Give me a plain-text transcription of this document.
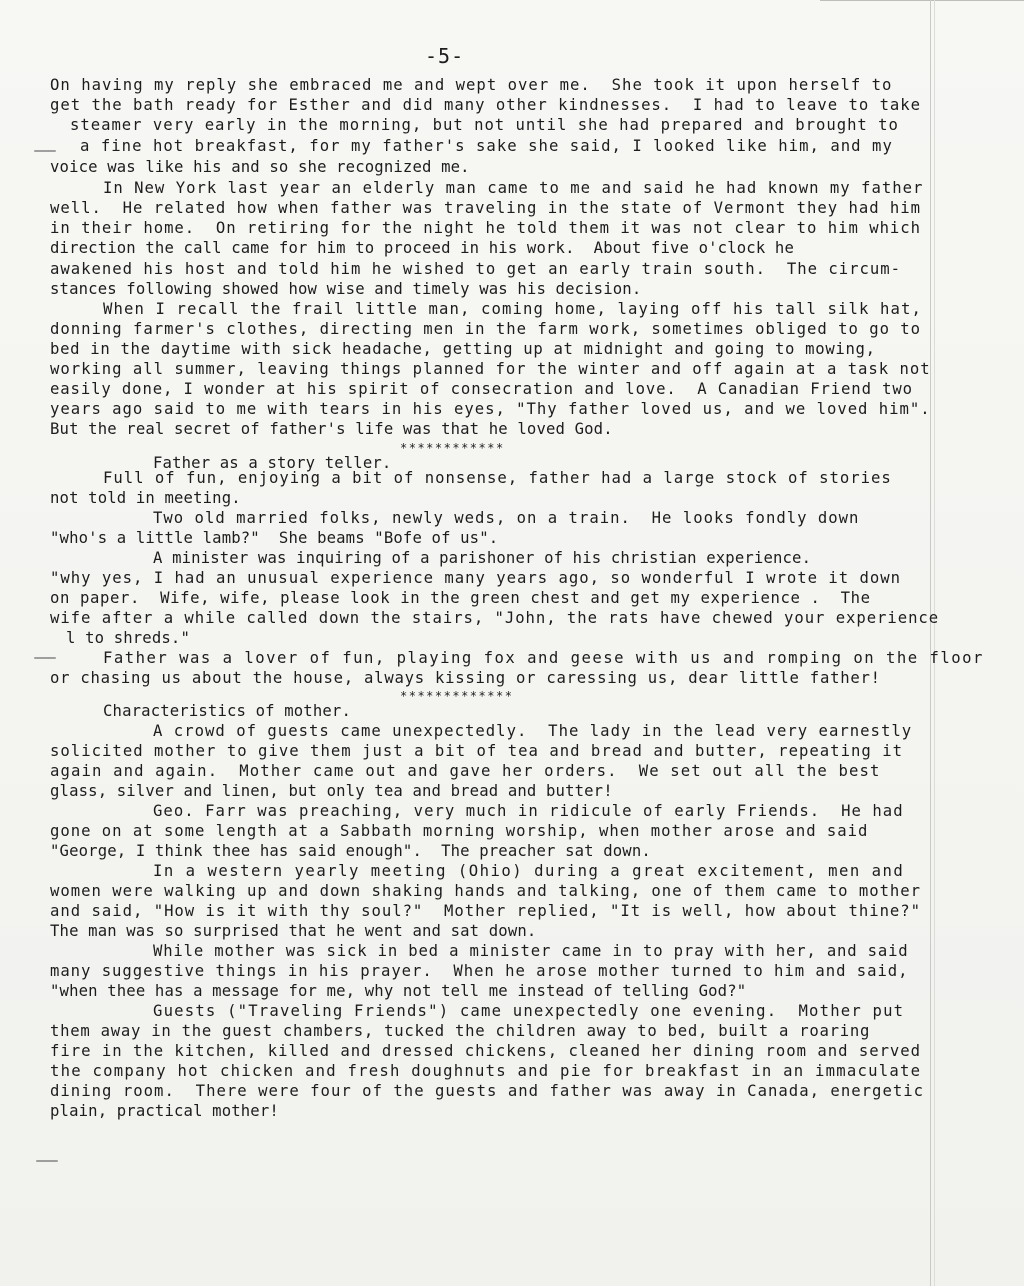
-5-
On having my reply she embraced me and wept over me.  She took it upon herself to
get the bath ready for Esther and did many other kindnesses.  I had to leave to take
steamer very early in the morning, but not until she had prepared and brought to
a fine hot breakfast, for my father's sake she said, I looked like him, and my
voice was like his and so she recognized me.
In New York last year an elderly man came to me and said he had known my father
well.  He related how when father was traveling in the state of Vermont they had him
in their home.  On retiring for the night he told them it was not clear to him which
direction the call came for him to proceed in his work.  About five o'clock he
awakened his host and told him he wished to get an early train south.  The circum-
stances following showed how wise and timely was his decision.
When I recall the frail little man, coming home, laying off his tall silk hat,
donning farmer's clothes, directing men in the farm work, sometimes obliged to go to
bed in the daytime with sick headache, getting up at midnight and going to mowing,
working all summer, leaving things planned for the winter and off again at a task not
easily done, I wonder at his spirit of consecration and love.  A Canadian Friend two
years ago said to me with tears in his eyes, "Thy father loved us, and we loved him".
But the real secret of father's life was that he loved God.
************
Father as a story teller.
Full of fun, enjoying a bit of nonsense, father had a large stock of stories
not told in meeting.
Two old married folks, newly weds, on a train.  He looks fondly down
"who's a little lamb?"  She beams "Bofe of us".
A minister was inquiring of a parishoner of his christian experience.
"why yes, I had an unusual experience many years ago, so wonderful I wrote it down
on paper.  Wife, wife, please look in the green chest and get my experience .  The
wife after a while called down the stairs, "John, the rats have chewed your experience
l to shreds."
Father was a lover of fun, playing fox and geese with us and romping on the floor
or chasing us about the house, always kissing or caressing us, dear little father!
*************
Characteristics of mother.
A crowd of guests came unexpectedly.  The lady in the lead very earnestly
solicited mother to give them just a bit of tea and bread and butter, repeating it
again and again.  Mother came out and gave her orders.  We set out all the best
glass, silver and linen, but only tea and bread and butter!
Geo. Farr was preaching, very much in ridicule of early Friends.  He had
gone on at some length at a Sabbath morning worship, when mother arose and said
"George, I think thee has said enough".  The preacher sat down.
In a western yearly meeting (Ohio) during a great excitement, men and
women were walking up and down shaking hands and talking, one of them came to mother
and said, "How is it with thy soul?"  Mother replied, "It is well, how about thine?"
The man was so surprised that he went and sat down.
While mother was sick in bed a minister came in to pray with her, and said
many suggestive things in his prayer.  When he arose mother turned to him and said,
"when thee has a message for me, why not tell me instead of telling God?"
Guests ("Traveling Friends") came unexpectedly one evening.  Mother put
them away in the guest chambers, tucked the children away to bed, built a roaring
fire in the kitchen, killed and dressed chickens, cleaned her dining room and served
the company hot chicken and fresh doughnuts and pie for breakfast in an immaculate
dining room.  There were four of the guests and father was away in Canada, energetic
plain, practical mother!
